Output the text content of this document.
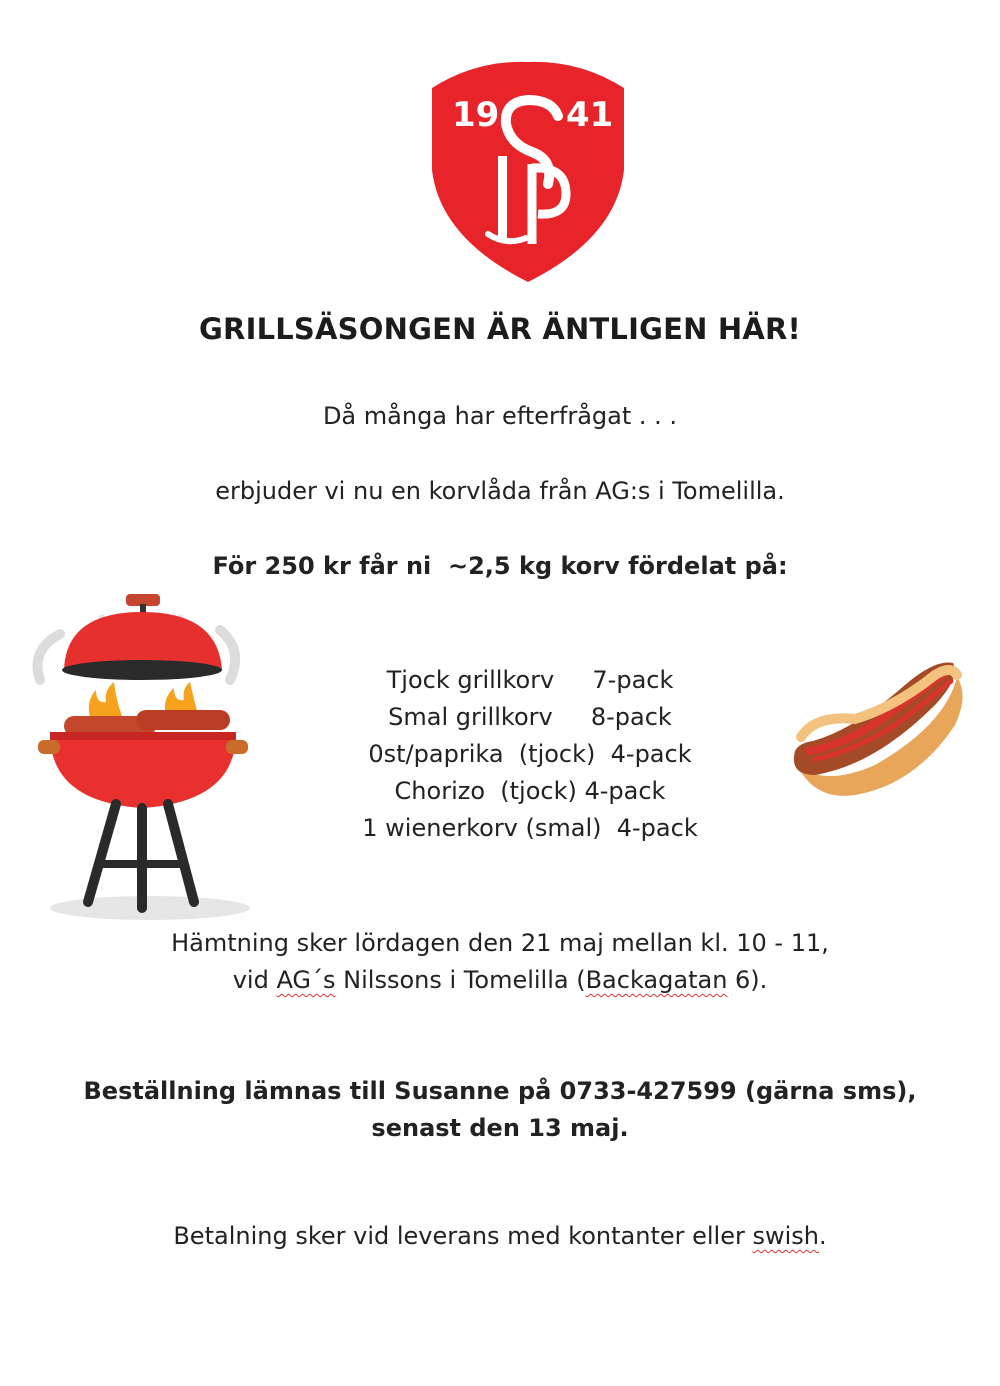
19 41
GRILLSÄSONGEN ÄR ÄNTLIGEN HÄR!
Då många har efterfrågat . . .
erbjuder vi nu en korvlåda från AG:s i Tomelilla.
För 250 kr får ni  ~2,5 kg korv fördelat på:
Tjock grillkorv     7-pack
Smal grillkorv     8-pack
0st/paprika  (tjock)  4-pack
Chorizo  (tjock) 4-pack
1 wienerkorv (smal)  4-pack
Hämtning sker lördagen den 21 maj mellan kl. 10 - 11,
vid AG´s Nilssons i Tomelilla (Backagatan 6).
Beställning lämnas till Susanne på 0733-427599 (gärna sms),
senast den 13 maj.
Betalning sker vid leverans med kontanter eller swish.
